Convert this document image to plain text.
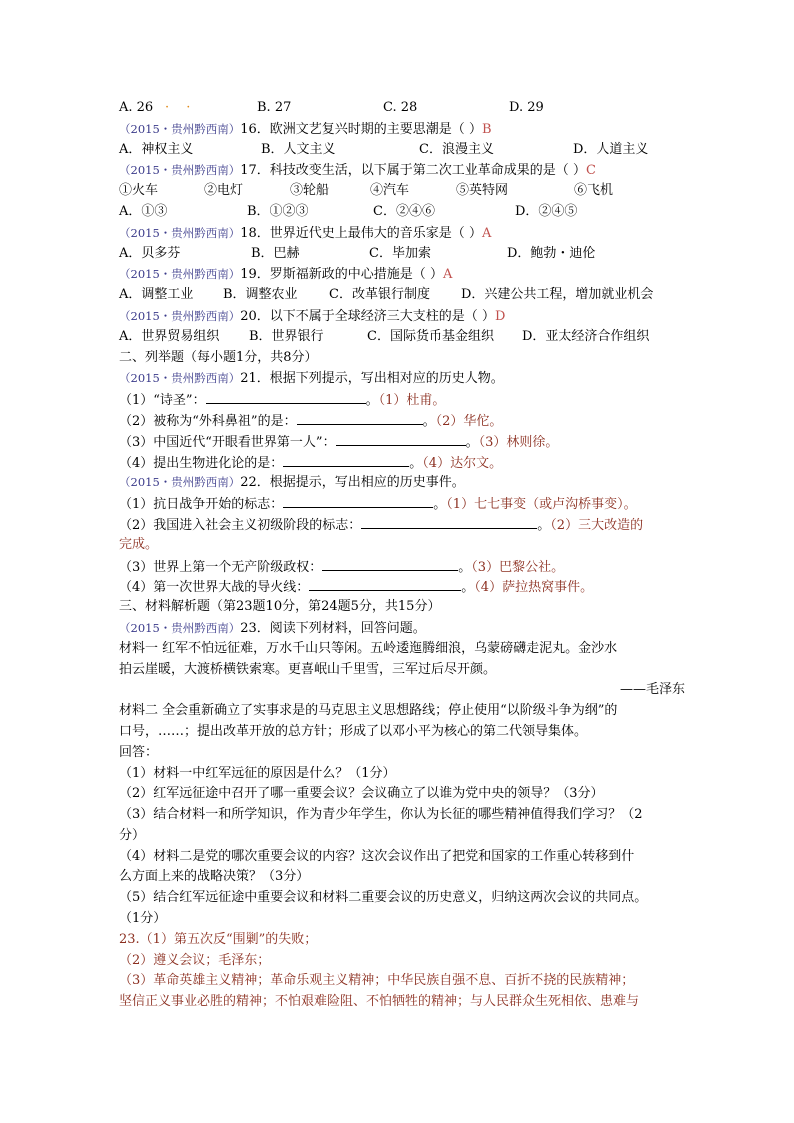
A. 26 ·　 ·	B. 27	C. 28	D. 29
（2015・贵州黔西南）16．欧洲文艺复兴时期的主要思潮是（ ）B
A．神权主义	B．人文主义	C．浪漫主义	D．人道主义
（2015・贵州黔西南）17．科技改变生活，以下属于第二次工业革命成果的是（ ）C
①火车	②电灯	③轮船	④汽车	⑤英特网	⑥飞机
A．①③	B．①②③	C．②④⑥	D．②④⑤
（2015・贵州黔西南）18．世界近代史上最伟大的音乐家是（ ）A
A．贝多芬	B．巴赫	C．毕加索	D．鲍勃・迪伦
（2015・贵州黔西南）19．罗斯福新政的中心措施是（ ）A
A．调整工业 B．调整农业 C．改革银行制度 D．兴建公共工程，增加就业机会
（2015・贵州黔西南）20．以下不属于全球经济三大支柱的是（ ）D
A．世界贸易组织 B．世界银行	C．国际货币基金组织 D．亚太经济合作组织
二、列举题（每小题1分，共8分）
（2015・贵州黔西南）21．根据下列提示，写出相对应的历史人物。
（1）“诗圣”：	。（1）杜甫。
（2）被称为“外科鼻祖”的是：	。（2）华佗。
（3）中国近代“开眼看世界第一人”：	。（3）林则徐。
（4）提出生物进化论的是：	。（4）达尔文。
（2015・贵州黔西南）22．根据提示，写出相应的历史事件。
（1）抗日战争开始的标志：	。（1）七七事变（或卢沟桥事变）。
（2）我国进入社会主义初级阶段的标志：	。（2）三大改造的
完成。
（3）世界上第一个无产阶级政权：	。（3）巴黎公社。
（4）第一次世界大战的导火线：	。（4）萨拉热窝事件。
三、材料解析题（第23题10分，第24题5分，共15分）
（2015・贵州黔西南）23．阅读下列材料，回答问题。
材料一 红军不怕远征难，万水千山只等闲。五岭逶迤腾细浪，乌蒙磅礴走泥丸。金沙水
拍云崖暖，大渡桥横铁索寒。更喜岷山千里雪，三军过后尽开颜。
——毛泽东
材料二 全会重新确立了实事求是的马克思主义思想路线；停止使用“以阶级斗争为纲”的
口号，……；提出改革开放的总方针；形成了以邓小平为核心的第二代领导集体。
回答：
（1）材料一中红军远征的原因是什么？（1分）
（2）红军远征途中召开了哪一重要会议？会议确立了以谁为党中央的领导？（3分）
（3）结合材料一和所学知识，作为青少年学生，你认为长征的哪些精神值得我们学习？（2
分）
（4）材料二是党的哪次重要会议的内容？这次会议作出了把党和国家的工作重心转移到什
么方面上来的战略决策？（3分）
（5）结合红军远征途中重要会议和材料二重要会议的历史意义，归纳这两次会议的共同点。
（1分）
23.（1）第五次反“围剿”的失败；
（2）遵义会议；毛泽东；
（3）革命英雄主义精神；革命乐观主义精神；中华民族自强不息、百折不挠的民族精神；
坚信正义事业必胜的精神；不怕艰难险阻、不怕牺牲的精神；与人民群众生死相依、患难与
